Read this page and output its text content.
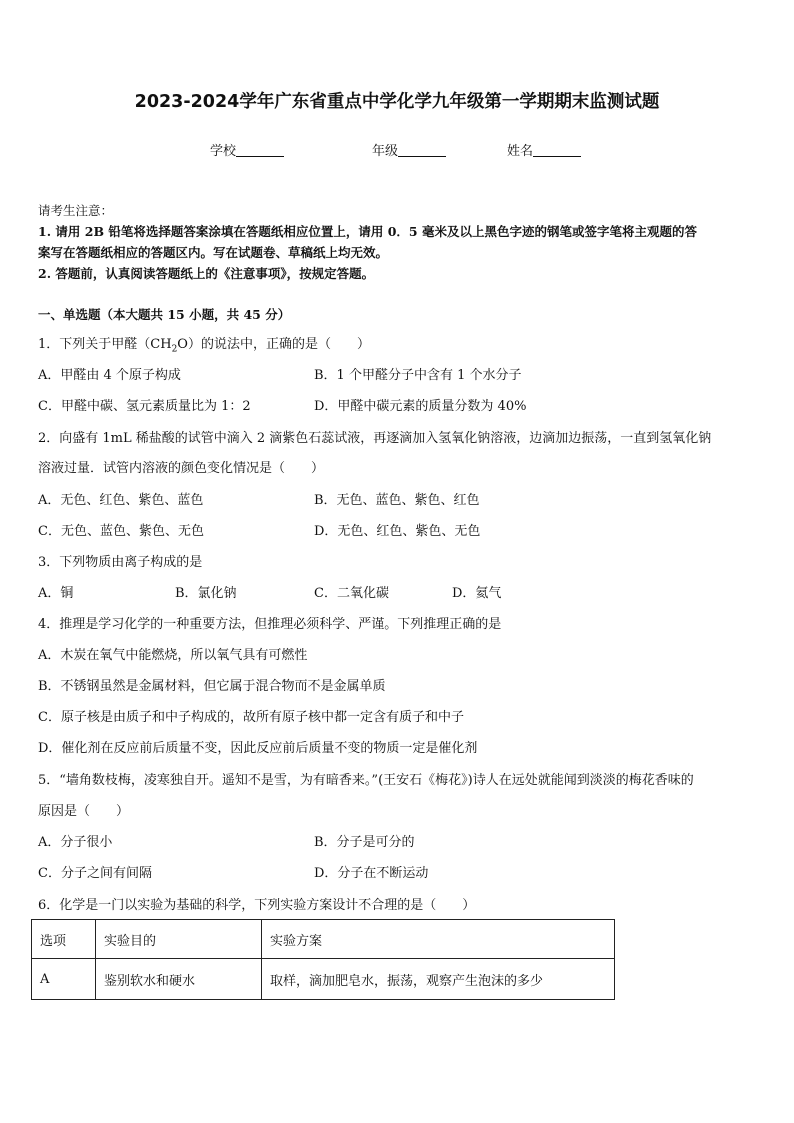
2023-2024学年广东省重点中学化学九年级第一学期期末监测试题
学校	年级	姓名
请考生注意：
1. 请用 2B 铅笔将选择题答案涂填在答题纸相应位置上，请用 0．5 毫米及以上黑色字迹的钢笔或签字笔将主观题的答
案写在答题纸相应的答题区内。写在试题卷、草稿纸上均无效。
2. 答题前，认真阅读答题纸上的《注意事项》，按规定答题。
一、单选题（本大题共 15 小题，共 45 分）
1．下列关于甲醛$(CH_2O)$的说法中，正确的是（　　）
A．甲醛由 4 个原子构成	B．1 个甲醛分子中含有 1 个水分子
C．甲醛中碳、氢元素质量比为 1：2	D．甲醛中碳元素的质量分数为 40%
2．向盛有 1mL 稀盐酸的试管中滴入 2 滴紫色石蕊试液，再逐滴加入氢氧化钠溶液，边滴加边振荡，一直到氢氧化钠
溶液过量．试管内溶液的颜色变化情况是（　　）
A．无色、红色、紫色、蓝色	B．无色、蓝色、紫色、红色
C．无色、蓝色、紫色、无色	D．无色、红色、紫色、无色
3．下列物质由离子构成的是
A．铜	B．氯化钠	C．二氧化碳	D．氦气
4．推理是学习化学的一种重要方法，但推理必须科学、严谨。下列推理正确的是
A．木炭在氧气中能燃烧，所以氧气具有可燃性
B．不锈钢虽然是金属材料，但它属于混合物而不是金属单质
C．原子核是由质子和中子构成的，故所有原子核中都一定含有质子和中子
D．催化剂在反应前后质量不变，因此反应前后质量不变的物质一定是催化剂
5．“墙角数枝梅，凌寒独自开。遥知不是雪，为有暗香来。”(王安石《梅花》)诗人在远处就能闻到淡淡的梅花香味的
原因是（　　）
A．分子很小	B．分子是可分的
C．分子之间有间隔	D．分子在不断运动
6．化学是一门以实验为基础的科学，下列实验方案设计不合理的是（　　）
选项	实验目的	实验方案
A	鉴别软水和硬水	取样，滴加肥皂水，振荡，观察产生泡沫的多少
